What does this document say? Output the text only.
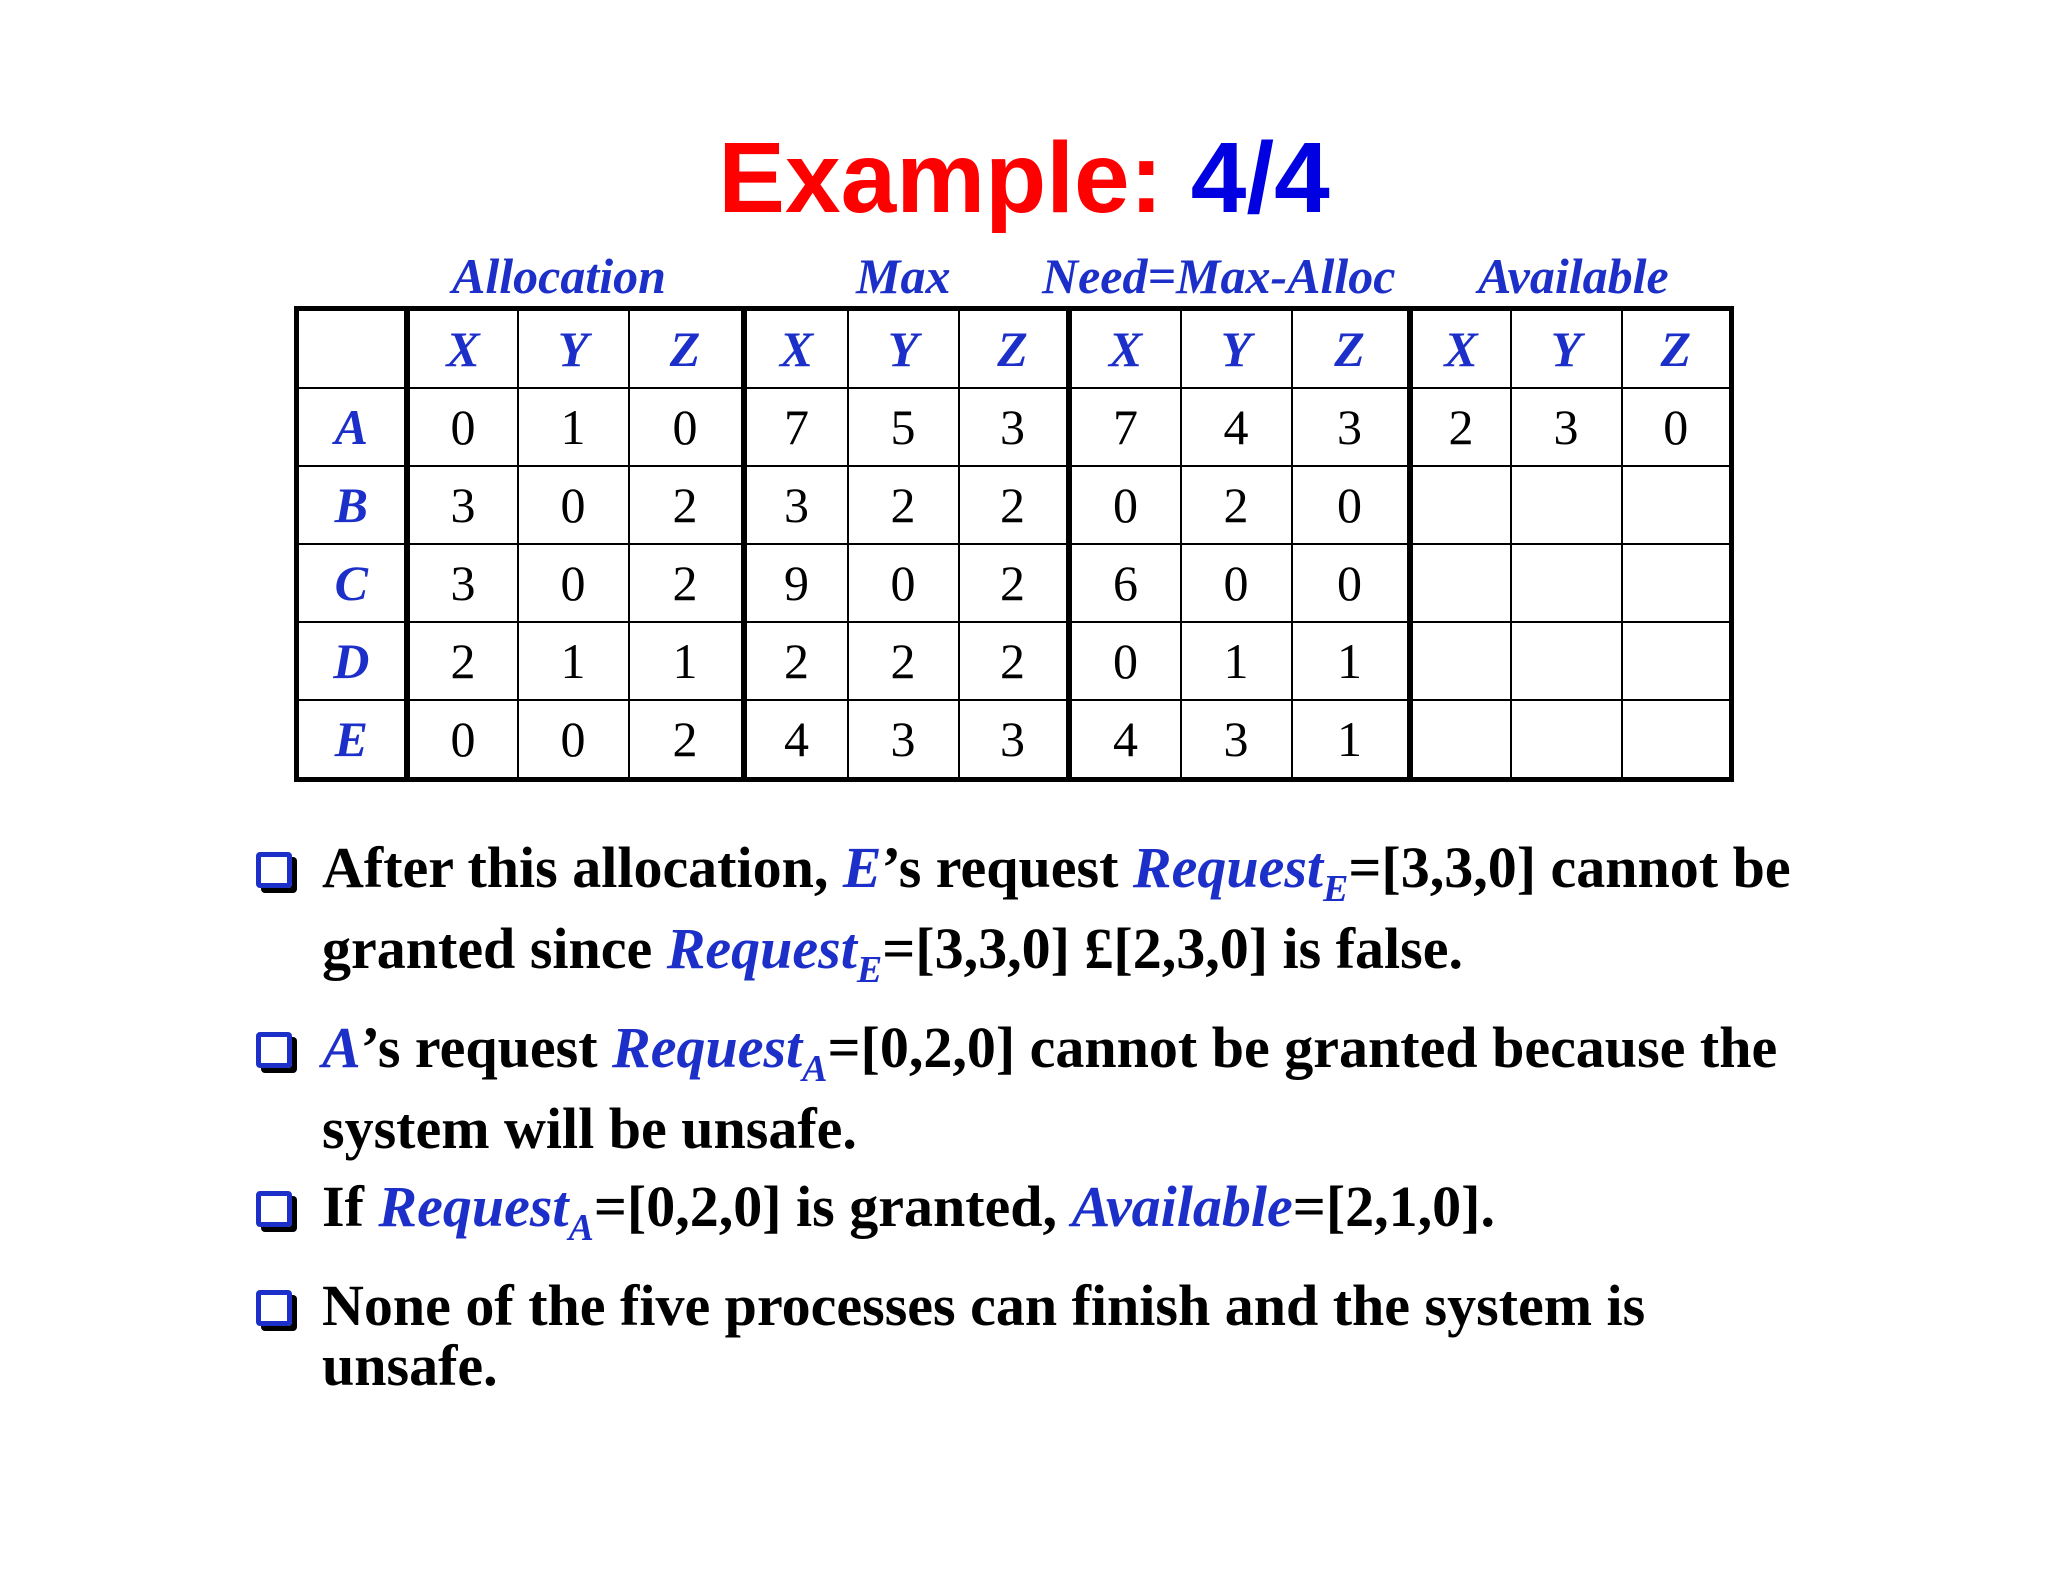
Example: 4/4
Allocation	Max Need=Max-Alloc Available
	X	Y	Z	X	Y	Z	X	Y	Z	X	Y	Z
A	0	1	0	7	5	3	7	4	3	2	3	0
B	3	0	2	3	2	2	0	2	0			
C	3	0	2	9	0	2	6	0	0			
D	2	1	1	2	2	2	0	1	1			
E	0	0	2	4	3	3	4	3	1			
After this allocation, E’s request Request$_E$=[3,3,0] cannot be granted since Request$_E$=[3,3,0] £[2,3,0] is false.
A’s request Request$_A$=[0,2,0] cannot be granted because the system will be unsafe.
If Request$_A$=[0,2,0] is granted, Available=[2,1,0].
None of the five processes can finish and the system is unsafe.
